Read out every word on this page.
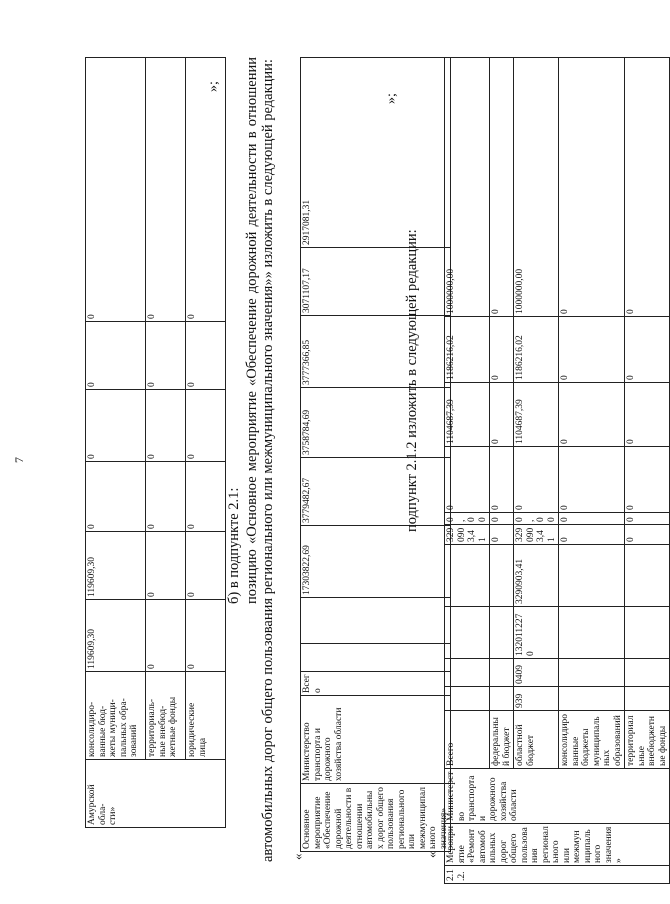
7
Амурской обла-
сти»	консолидиро-
ванные бюд-
жеты муници-
пальных обра-
зований	119609,30	119609,30	0	0	0	0
	территориаль-
ные внебюд-
жетные фонды	0	0	0	0	0	0
	юридические
лица	0	0	0	0	0	0
»;
б) в подпункте 2.1: позицию «Основное мероприятие «Обеспечение дорожной деятельности в отношении автомобильных дорог общего пользования регионального или межмуниципального значения»» изложить в следующей редакции: «
Основное мероприятие «Обеспечение дорожной деятельности в отношении автомобильных дорог общего пользования регионального или межмуниципального значения»	Министерство транспорта и дорожного хозяйства области	Всего			17303822,69	3779482,67	3758784,69	3777366,85	3071107,17	2917081,31
»;
подпункт 2.1.2 изложить в следующей редакции:
«
2.1.2.	Мероприятие «Ремонт автомобильных дорог общего пользования регионального или межмуниципального значения»	Министерство транспорта и дорожного хозяйства области	Всего					3290903,41	0,00	0	1104687,39	1186216,02	1000000,00
			федеральный бюджет					0	0	0	0	0	0
			областной бюджет	939	0409	1320112270	3290903,41	3290903,41	0,00	0	1104687,39	1186216,02	1000000,00
			консолидированные бюджеты муниципальных образований					0	0	0	0	0	0
			территориальные внебюджетные фонды					0	0	0	0	0	0
